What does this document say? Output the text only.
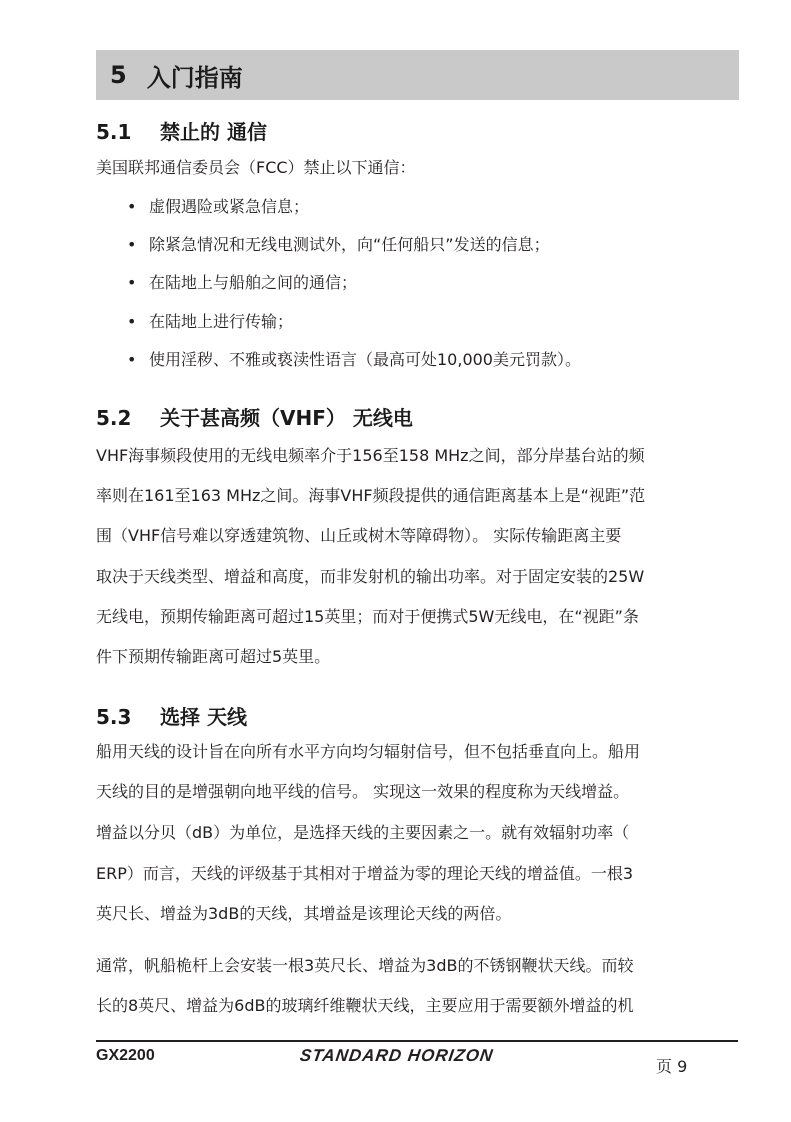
5 入门指南
5.1 禁止的 通信
美国联邦通信委员会（FCC）禁止以下通信：
• 虚假遇险或紧急信息；
• 除紧急情况和无线电测试外，向“任何船只”发送的信息；
• 在陆地上与船舶之间的通信；
• 在陆地上进行传输；
• 使用淫秽、不雅或亵渎性语言（最高可处10,000美元罚款）。
5.2 关于甚高频（VHF） 无线电
VHF海事频段使用的无线电频率介于156至158 MHz之间，部分岸基台站的频
率则在161至163 MHz之间。海事VHF频段提供的通信距离基本上是“视距”范
围（VHF信号难以穿透建筑物、山丘或树木等障碍物）。 实际传输距离主要
取决于天线类型、增益和高度，而非发射机的输出功率。对于固定安装的25W
无线电，预期传输距离可超过15英里；而对于便携式5W无线电，在“视距”条
件下预期传输距离可超过5英里。
5.3 选择 天线
船用天线的设计旨在向所有水平方向均匀辐射信号，但不包括垂直向上。船用
天线的目的是增强朝向地平线的信号。 实现这一效果的程度称为天线增益。
增益以分贝（dB）为单位，是选择天线的主要因素之一。就有效辐射功率（
ERP）而言，天线的评级基于其相对于增益为零的理论天线的增益值。一根3
英尺长、增益为3dB的天线，其增益是该理论天线的两倍。
通常，帆船桅杆上会安装一根3英尺长、增益为3dB的不锈钢鞭状天线。而较
长的8英尺、增益为6dB的玻璃纤维鞭状天线，主要应用于需要额外增益的机
GX2200	STANDARD HORIZON
页 9
